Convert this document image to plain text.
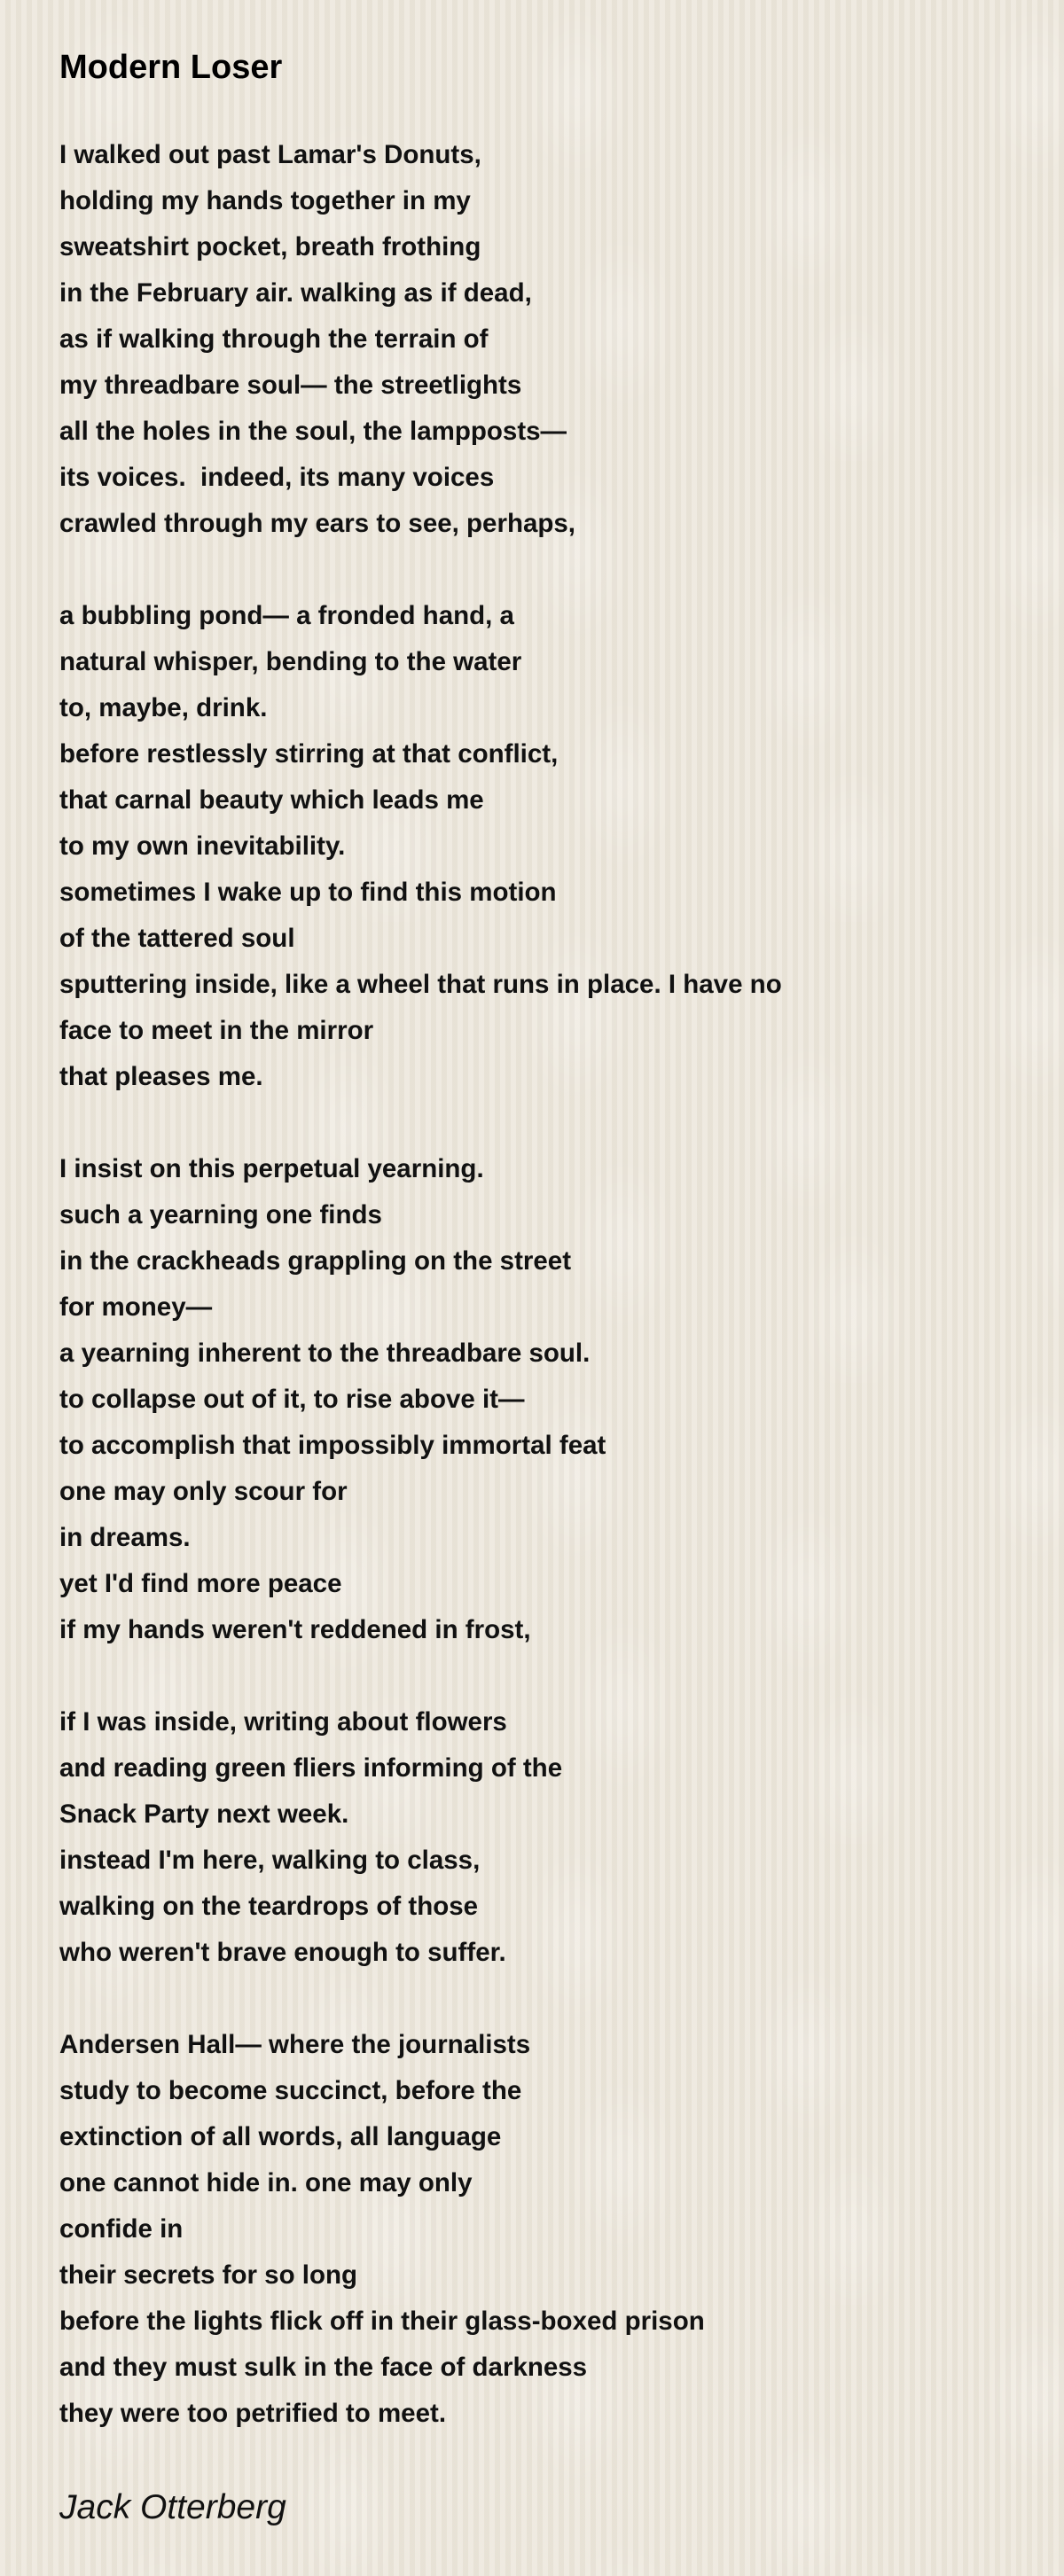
Modern Loser
I walked out past Lamar's Donuts,
holding my hands together in my
sweatshirt pocket, breath frothing
in the February air. walking as if dead,
as if walking through the terrain of
my threadbare soul— the streetlights
all the holes in the soul, the lampposts—
its voices.  indeed, its many voices
crawled through my ears to see, perhaps,
a bubbling pond— a fronded hand, a
natural whisper, bending to the water
to, maybe, drink.
before restlessly stirring at that conflict,
that carnal beauty which leads me
to my own inevitability.
sometimes I wake up to find this motion
of the tattered soul
sputtering inside, like a wheel that runs in place. I have no
face to meet in the mirror
that pleases me.
I insist on this perpetual yearning.
such a yearning one finds
in the crackheads grappling on the street
for money—
a yearning inherent to the threadbare soul.
to collapse out of it, to rise above it—
to accomplish that impossibly immortal feat
one may only scour for
in dreams.
yet I'd find more peace
if my hands weren't reddened in frost,
if I was inside, writing about flowers
and reading green fliers informing of the
Snack Party next week.
instead I'm here, walking to class,
walking on the teardrops of those
who weren't brave enough to suffer.
Andersen Hall— where the journalists
study to become succinct, before the
extinction of all words, all language
one cannot hide in. one may only
confide in
their secrets for so long
before the lights flick off in their glass-boxed prison
and they must sulk in the face of darkness
they were too petrified to meet.

Jack Otterberg
